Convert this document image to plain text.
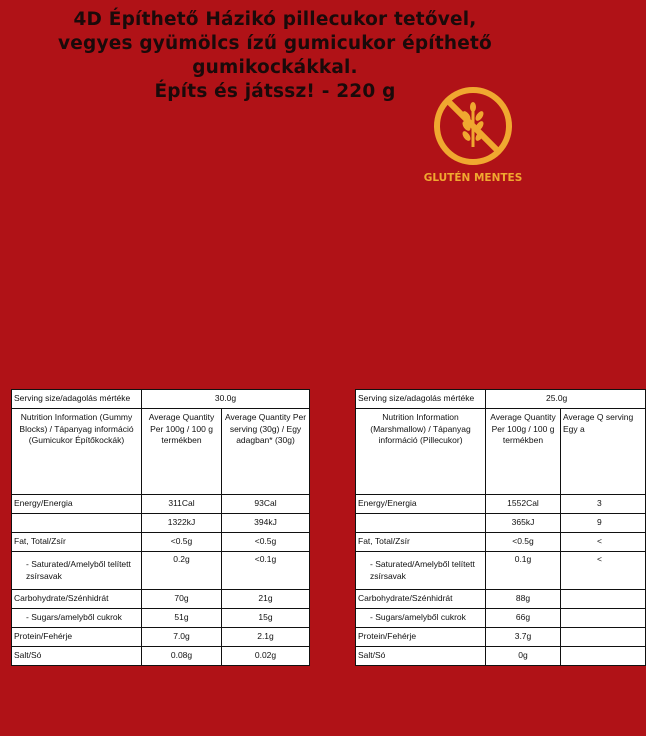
4D Építhető Házikó pillecukor tetővel,
vegyes gyümölcs ízű gumicukor építhető
gumikockákkal.
Építs és játssz! - 220 g
GLUTÉN MENTES
Serving size/adagolás mértéke	30.0g	
Nutrition Information (Gummy Blocks) / Tápanyag információ (Gumicukor Építőkockák)	Average Quantity Per 100g / 100 g termékben	Average Quantity Per serving (30g) / Egy adagban* (30g)
Energy/Energia	311Cal	93Cal
	1322kJ	394kJ
Fat, Total/Zsír	<0.5g	<0.5g
- Saturated/Amelyből telített zsírsavak	0.2g	<0.1g
Carbohydrate/Szénhidrát	70g	21g
- Sugars/amelyből cukrok	51g	15g
Protein/Fehérje	7.0g	2.1g
Salt/Só	0.08g	0.02g
Serving size/adagolás mértéke	25.0g	
Nutrition Information (Marshmallow) / Tápanyag információ (Pillecukor)	Average Quantity Per 100g / 100 g termékben	Average Q serving Egy a
Energy/Energia	1552Cal	3
	365kJ	9
Fat, Total/Zsír	<0.5g	<
- Saturated/Amelyből telített zsírsavak	0.1g	<
Carbohydrate/Szénhidrát	88g	
- Sugars/amelyből cukrok	66g	
Protein/Fehérje	3.7g	
Salt/Só	0g	
